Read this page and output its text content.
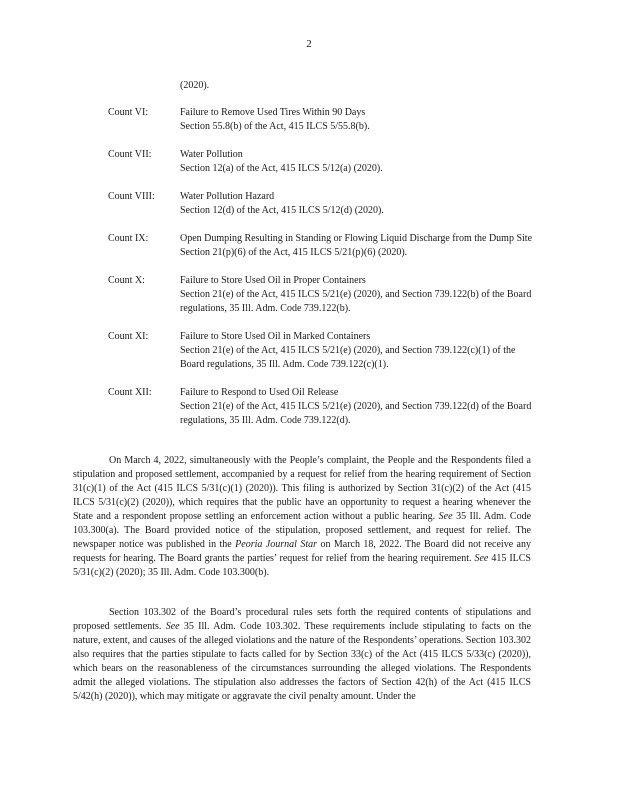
2
(2020).
Count VI:	Failure to Remove Used Tires Within 90 Days
Section 55.8(b) of the Act, 415 ILCS 5/55.8(b).
Count VII:	Water Pollution
Section 12(a) of the Act, 415 ILCS 5/12(a) (2020).
Count VIII:	Water Pollution Hazard
Section 12(d) of the Act, 415 ILCS 5/12(d) (2020).
Count IX:	Open Dumping Resulting in Standing or Flowing Liquid Discharge from the Dump Site
Section 21(p)(6) of the Act, 415 ILCS 5/21(p)(6) (2020).
Count X:	Failure to Store Used Oil in Proper Containers
Section 21(e) of the Act, 415 ILCS 5/21(e) (2020), and Section 739.122(b) of the Board regulations, 35 Ill. Adm. Code 739.122(b).
Count XI:	Failure to Store Used Oil in Marked Containers
Section 21(e) of the Act, 415 ILCS 5/21(e) (2020), and Section 739.122(c)(1) of the Board regulations, 35 Ill. Adm. Code 739.122(c)(1).
Count XII:	Failure to Respond to Used Oil Release
Section 21(e) of the Act, 415 ILCS 5/21(e) (2020), and Section 739.122(d) of the Board regulations, 35 Ill. Adm. Code 739.122(d).

On March 4, 2022, simultaneously with the People’s complaint, the People and the Respondents filed a stipulation and proposed settlement, accompanied by a request for relief from the hearing requirement of Section 31(c)(1) of the Act (415 ILCS 5/31(c)(1) (2020)). This filing is authorized by Section 31(c)(2) of the Act (415 ILCS 5/31(c)(2) (2020)), which requires that the public have an opportunity to request a hearing whenever the State and a respondent propose settling an enforcement action without a public hearing. See 35 Ill. Adm. Code 103.300(a). The Board provided notice of the stipulation, proposed settlement, and request for relief. The newspaper notice was published in the Peoria Journal Star on March 18, 2022. The Board did not receive any requests for hearing. The Board grants the parties’ request for relief from the hearing requirement. See 415 ILCS 5/31(c)(2) (2020); 35 Ill. Adm. Code 103.300(b).

Section 103.302 of the Board’s procedural rules sets forth the required contents of stipulations and proposed settlements. See 35 Ill. Adm. Code 103.302. These requirements include stipulating to facts on the nature, extent, and causes of the alleged violations and the nature of the Respondents’ operations. Section 103.302 also requires that the parties stipulate to facts called for by Section 33(c) of the Act (415 ILCS 5/33(c) (2020)), which bears on the reasonableness of the circumstances surrounding the alleged violations. The Respondents admit the alleged violations. The stipulation also addresses the factors of Section 42(h) of the Act (415 ILCS 5/42(h) (2020)), which may mitigate or aggravate the civil penalty amount. Under the
